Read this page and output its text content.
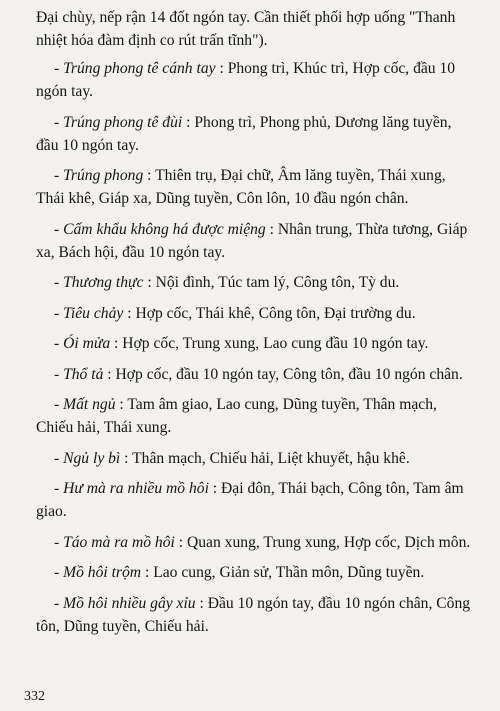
Đại chùy, nếp rận 14 đốt ngón tay. Cần thiết phối hợp uống "Thanh nhiệt hóa đàm định co rút trấn tĩnh").

- Trúng phong tê cánh tay : Phong trì, Khúc trì, Hợp cốc, đầu 10 ngón tay.

- Trúng phong tê đùi : Phong trì, Phong phủ, Dương lăng tuyền, đầu 10 ngón tay.

- Trúng phong : Thiên trụ, Đại chữ, Âm lăng tuyền, Thái xung, Thái khê, Giáp xa, Dũng tuyền, Côn lôn, 10 đầu ngón chân.

- Cấm khẩu không há được miệng : Nhân trung, Thừa tương, Giáp xa, Bách hội, đầu 10 ngón tay.

- Thương thực : Nội đình, Túc tam lý, Công tôn, Tỳ du.

- Tiêu chảy : Hợp cốc, Thái khê, Công tôn, Đại trường du.

- Ói mửa : Hợp cốc, Trung xung, Lao cung đầu 10 ngón tay.

- Thổ tả : Hợp cốc, đầu 10 ngón tay, Công tôn, đầu 10 ngón chân.

- Mất ngủ : Tam âm giao, Lao cung, Dũng tuyền, Thân mạch, Chiếu hải, Thái xung.

- Ngủ ly bì : Thân mạch, Chiếu hải, Liệt khuyết, hậu khê.

- Hư mà ra nhiều mồ hôi : Đại đôn, Thái bạch, Công tôn, Tam âm giao.

- Táo mà ra mồ hôi : Quan xung, Trung xung, Hợp cốc, Dịch môn.

- Mồ hôi trộm : Lao cung, Giản sử, Thần môn, Dũng tuyền.

- Mồ hôi nhiều gây xỉu : Đầu 10 ngón tay, đầu 10 ngón chân, Công tôn, Dũng tuyền, Chiếu hải.

332
